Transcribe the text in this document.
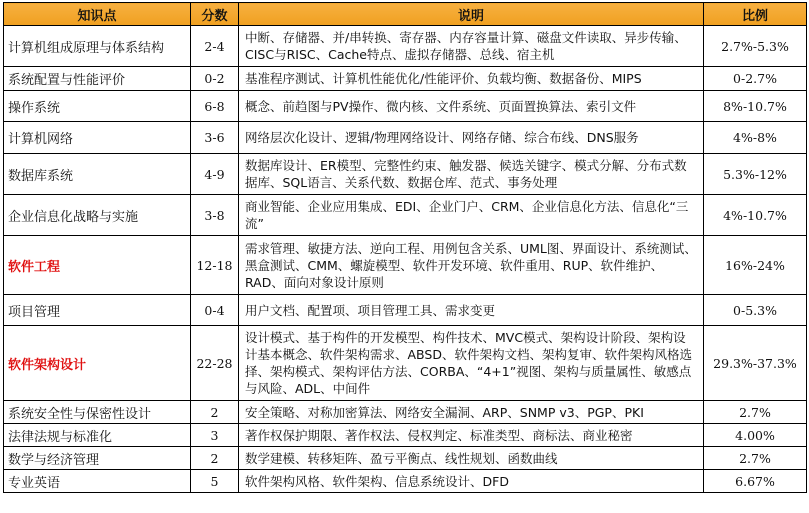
知识点	分数	说明	比例
计算机组成原理与体系结构	2-4	中断、存储器、并/串转换、寄存器、内存容量计算、磁盘文件读取、异步传输、CISC与RISC、Cache特点、虚拟存储器、总线、宿主机	2.7%-5.3%
系统配置与性能评价	0-2	基准程序测试、计算机性能优化/性能评价、负载均衡、数据备份、MIPS	0-2.7%
操作系统	6-8	概念、前趋图与PV操作、微内核、文件系统、页面置换算法、索引文件	8%-10.7%
计算机网络	3-6	网络层次化设计、逻辑/物理网络设计、网络存储、综合布线、DNS服务	4%-8%
数据库系统	4-9	数据库设计、ER模型、完整性约束、触发器、候选关键字、模式分解、分布式数据库、SQL语言、关系代数、数据仓库、范式、事务处理	5.3%-12%
企业信息化战略与实施	3-8	商业智能、企业应用集成、EDI、企业门户、CRM、企业信息化方法、信息化“三流”	4%-10.7%
软件工程	12-18	需求管理、敏捷方法、逆向工程、用例包含关系、UML图、界面设计、系统测试、黑盒测试、CMM、螺旋模型、软件开发环境、软件重用、RUP、软件维护、RAD、面向对象设计原则	16%-24%
项目管理	0-4	用户文档、配置项、项目管理工具、需求变更	0-5.3%
软件架构设计	22-28	设计模式、基于构件的开发模型、构件技术、MVC模式、架构设计阶段、架构设计基本概念、软件架构需求、ABSD、软件架构文档、架构复审、软件架构风格选择、架构模式、架构评估方法、CORBA、“4+1”视图、架构与质量属性、敏感点与风险、ADL、中间件	29.3%-37.3%
系统安全性与保密性设计	2	安全策略、对称加密算法、网络安全漏洞、ARP、SNMP v3、PGP、PKI	2.7%
法律法规与标准化	3	著作权保护期限、著作权法、侵权判定、标准类型、商标法、商业秘密	4.00%
数学与经济管理	2	数学建模、转移矩阵、盈亏平衡点、线性规划、函数曲线	2.7%
专业英语	5	软件架构风格、软件架构、信息系统设计、DFD	6.67%
